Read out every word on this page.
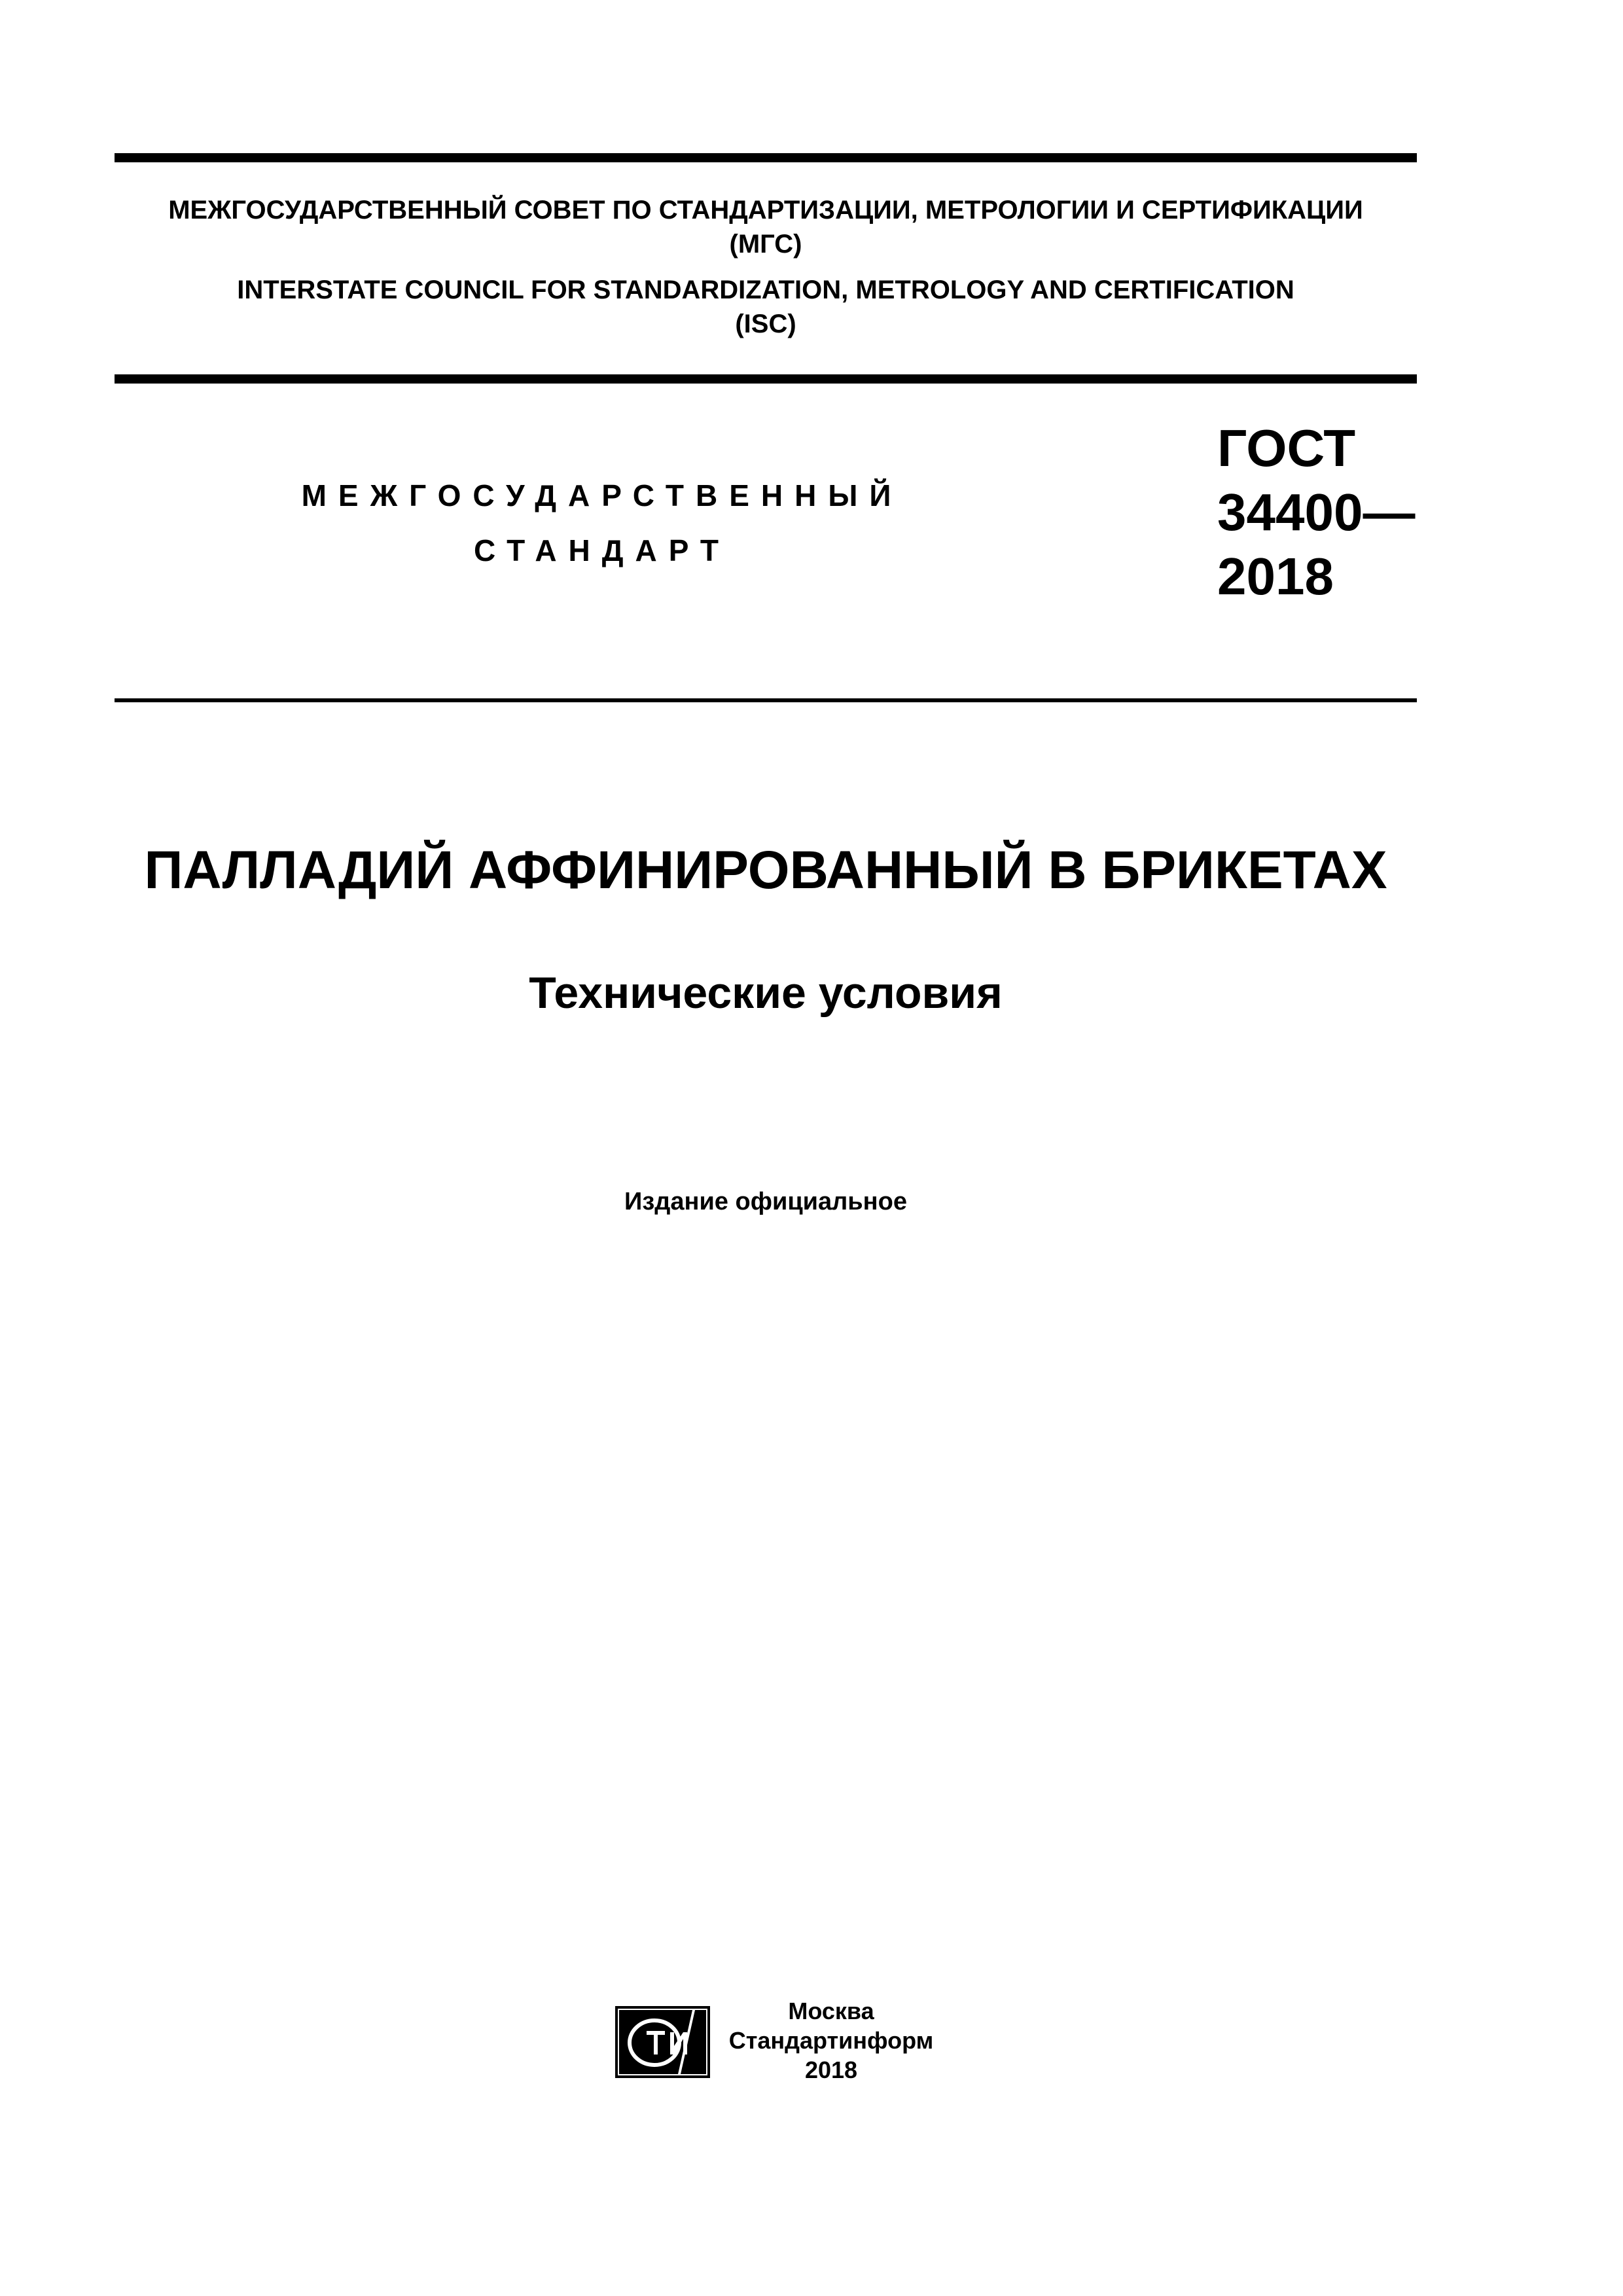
МЕЖГОСУДАРСТВЕННЫЙ СОВЕТ ПО СТАНДАРТИЗАЦИИ, МЕТРОЛОГИИ И СЕРТИФИКАЦИИ
(МГС)
INTERSTATE COUNCIL FOR STANDARDIZATION, METROLOGY AND CERTIFICATION
(ISC)
МЕЖГОСУДАРСТВЕННЫЙ
СТАНДАРТ
ГОСТ
34400—
2018
ПАЛЛАДИЙ АФФИНИРОВАННЫЙ В БРИКЕТАХ
Технические условия
Издание официальное
Москва
Стандартинформ
2018
